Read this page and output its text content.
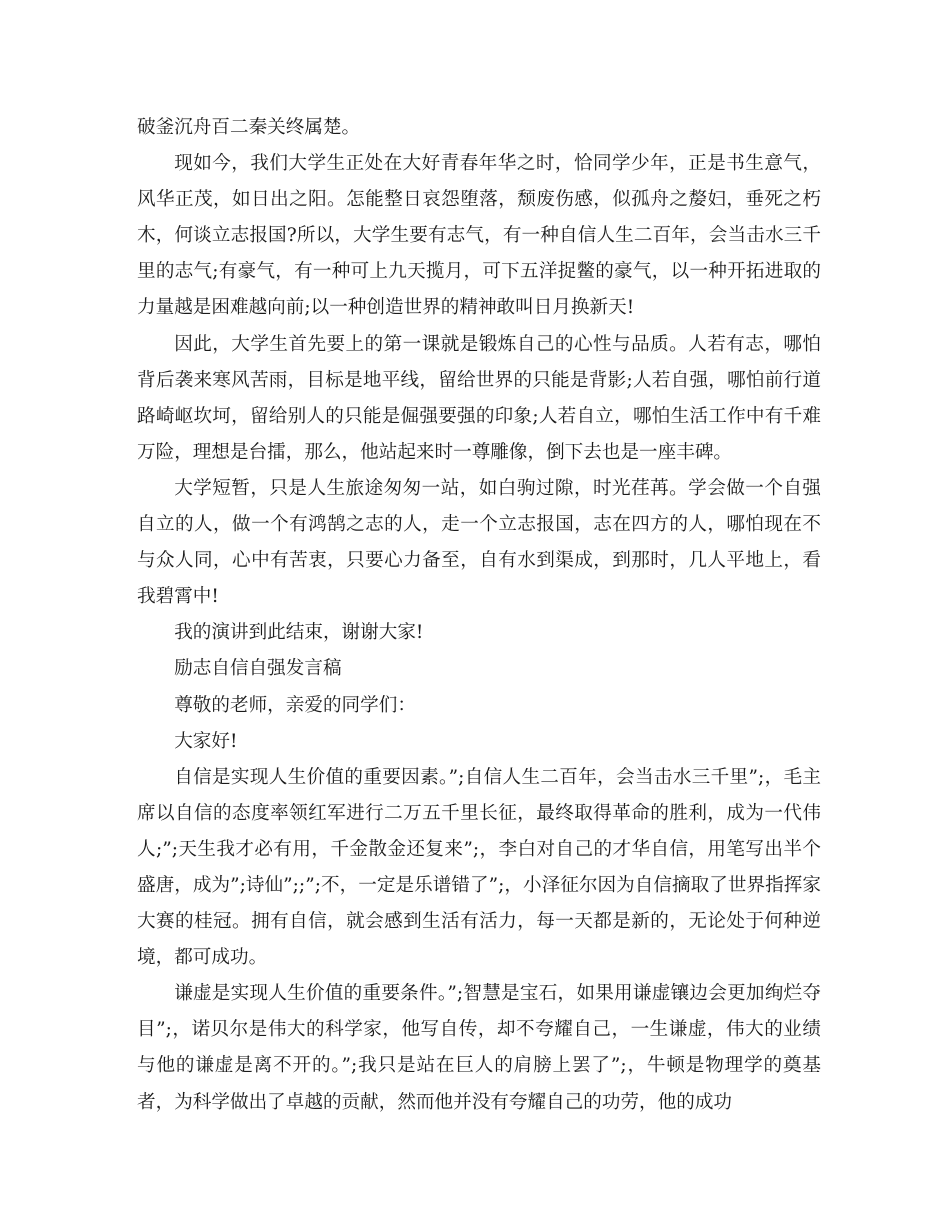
破釜沉舟百二秦关终属楚。

现如今，我们大学生正处在大好青春年华之时，恰同学少年，正是书生意气，风华正茂，如日出之阳。怎能整日哀怨堕落，颓废伤感，似孤舟之嫠妇，垂死之朽木，何谈立志报国?所以，大学生要有志气，有一种自信人生二百年，会当击水三千里的志气;有豪气，有一种可上九天揽月，可下五洋捉鳖的豪气，以一种开拓进取的力量越是困难越向前;以一种创造世界的精神敢叫日月换新天!

因此，大学生首先要上的第一课就是锻炼自己的心性与品质。人若有志，哪怕背后袭来寒风苦雨，目标是地平线，留给世界的只能是背影;人若自强，哪怕前行道路崎岖坎坷，留给别人的只能是倔强要强的印象;人若自立，哪怕生活工作中有千难万险，理想是台擂，那么，他站起来时一尊雕像，倒下去也是一座丰碑。

大学短暂，只是人生旅途匆匆一站，如白驹过隙，时光荏苒。学会做一个自强自立的人，做一个有鸿鹄之志的人，走一个立志报国，志在四方的人，哪怕现在不与众人同，心中有苦衷，只要心力备至，自有水到渠成，到那时，几人平地上，看我碧霄中!

我的演讲到此结束，谢谢大家!

励志自信自强发言稿

尊敬的老师，亲爱的同学们：

大家好!

自信是实现人生价值的重要因素。”;自信人生二百年，会当击水三千里”;，毛主席以自信的态度率领红军进行二万五千里长征，最终取得革命的胜利，成为一代伟人;”;天生我才必有用，千金散金还复来”;，李白对自己的才华自信，用笔写出半个盛唐，成为”;诗仙”;;”;不，一定是乐谱错了”;，小泽征尔因为自信摘取了世界指挥家大赛的桂冠。拥有自信，就会感到生活有活力，每一天都是新的，无论处于何种逆境，都可成功。

谦虚是实现人生价值的重要条件。”;智慧是宝石，如果用谦虚镶边会更加绚烂夺目”;，诺贝尔是伟大的科学家，他写自传，却不夸耀自己，一生谦虚，伟大的业绩与他的谦虚是离不开的。”;我只是站在巨人的肩膀上罢了”;，牛顿是物理学的奠基者，为科学做出了卓越的贡献，然而他并没有夸耀自己的功劳，他的成功
